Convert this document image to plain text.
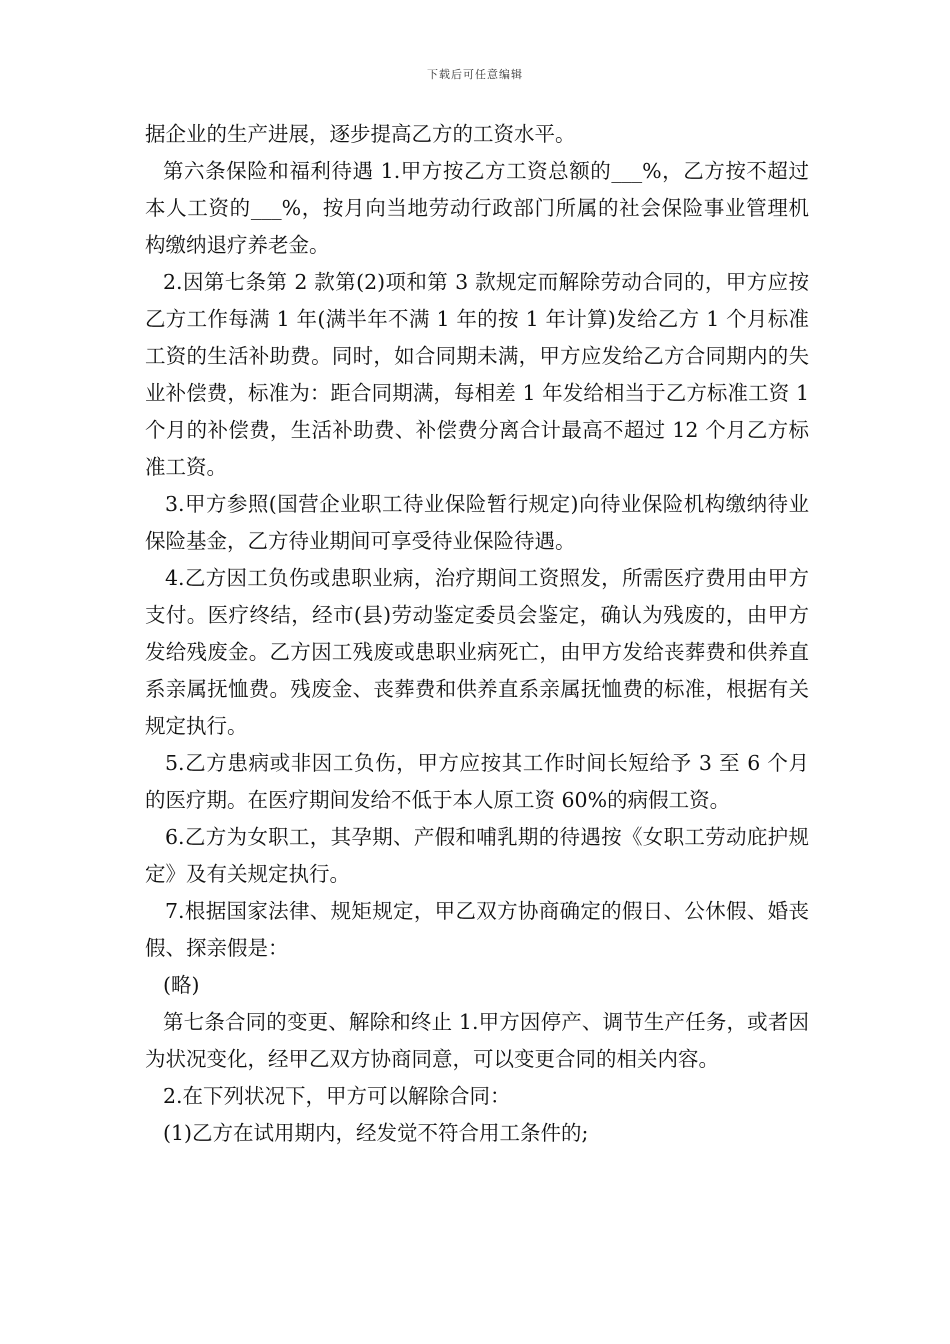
下载后可任意编辑

据企业的生产进展，逐步提高乙方的工资水平。

第六条保险和福利待遇 1.甲方按乙方工资总额的___%，乙方按不超过本人工资的___%，按月向当地劳动行政部门所属的社会保险事业管理机构缴纳退疗养老金。

2.因第七条第 2 款第(2)项和第 3 款规定而解除劳动合同的，甲方应按乙方工作每满 1 年(满半年不满 1 年的按 1 年计算)发给乙方 1 个月标准工资的生活补助费。同时，如合同期未满，甲方应发给乙方合同期内的失业补偿费，标准为：距合同期满，每相差 1 年发给相当于乙方标准工资 1 个月的补偿费，生活补助费、补偿费分离合计最高不超过 12 个月乙方标准工资。

3.甲方参照(国营企业职工待业保险暂行规定)向待业保险机构缴纳待业保险基金，乙方待业期间可享受待业保险待遇。

4.乙方因工负伤或患职业病，治疗期间工资照发，所需医疗费用由甲方支付。医疗终结，经市(县)劳动鉴定委员会鉴定，确认为残废的，由甲方发给残废金。乙方因工残废或患职业病死亡，由甲方发给丧葬费和供养直系亲属抚恤费。残废金、丧葬费和供养直系亲属抚恤费的标准，根据有关规定执行。

5.乙方患病或非因工负伤，甲方应按其工作时间长短给予 3 至 6 个月的医疗期。在医疗期间发给不低于本人原工资 60%的病假工资。

6.乙方为女职工，其孕期、产假和哺乳期的待遇按《女职工劳动庇护规定》及有关规定执行。

7.根据国家法律、规矩规定，甲乙双方协商确定的假日、公休假、婚丧假、探亲假是：

(略)

第七条合同的变更、解除和终止 1.甲方因停产、调节生产任务，或者因为状况变化，经甲乙双方协商同意，可以变更合同的相关内容。

2.在下列状况下，甲方可以解除合同：

(1)乙方在试用期内，经发觉不符合用工条件的;
